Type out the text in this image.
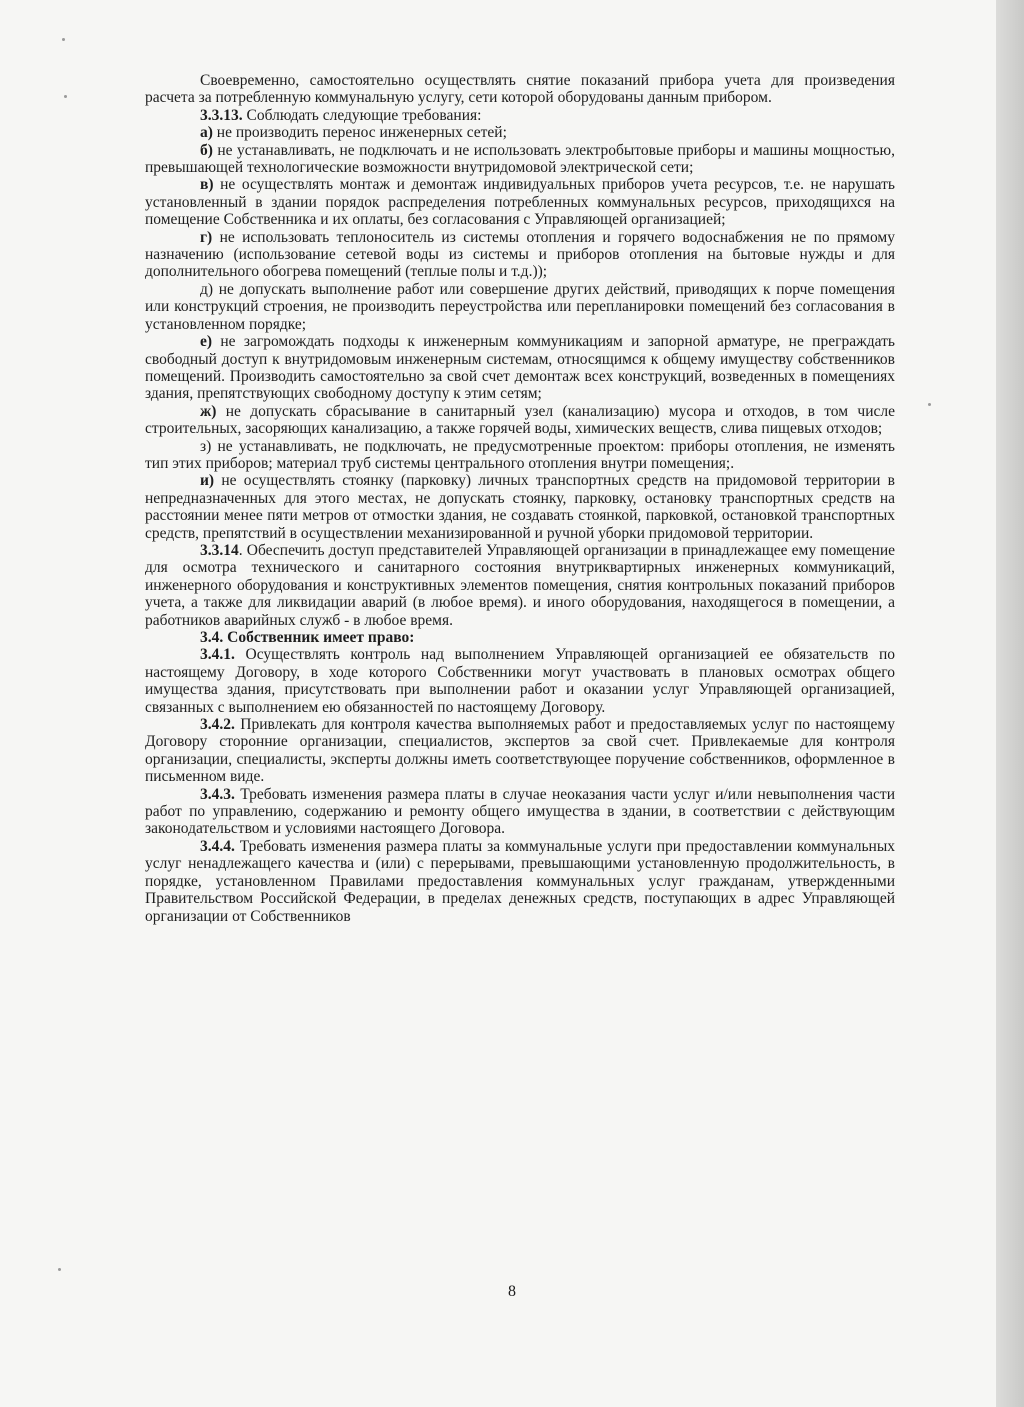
Своевременно, самостоятельно осуществлять снятие показаний прибора учета для произведения расчета за потребленную коммунальную услугу, сети которой оборудованы данным прибором.

3.3.13. Соблюдать следующие требования:

а) не производить перенос инженерных сетей;

б) не устанавливать, не подключать и не использовать электробытовые приборы и машины мощностью, превышающей технологические возможности внутридомовой электрической сети;

в) не осуществлять монтаж и демонтаж индивидуальных приборов учета ресурсов, т.е. не нарушать установленный в здании порядок распределения потребленных коммунальных ресурсов, приходящихся на помещение Собственника и их оплаты, без согласования с Управляющей организацией;

г) не использовать теплоноситель из системы отопления и горячего водоснабжения не по прямому назначению (использование сетевой воды из системы и приборов отопления на бытовые нужды и для дополнительного обогрева помещений (теплые полы и т.д.));

д) не допускать выполнение работ или совершение других действий, приводящих к порче помещения или конструкций строения, не производить переустройства или перепланировки помещений без согласования в установленном порядке;

е) не загромождать подходы к инженерным коммуникациям и запорной арматуре, не преграждать свободный доступ к внутридомовым инженерным системам, относящимся к общему имуществу собственников помещений. Производить самостоятельно за свой счет демонтаж всех конструкций, возведенных в помещениях здания, препятствующих свободному доступу к этим сетям;

ж) не допускать сбрасывание в санитарный узел (канализацию) мусора и отходов, в том числе строительных, засоряющих канализацию, а также горячей воды, химических веществ, слива пищевых отходов;

з) не устанавливать, не подключать, не предусмотренные проектом: приборы отопления, не изменять тип этих приборов; материал труб системы центрального отопления внутри помещения;.

и) не осуществлять стоянку (парковку) личных транспортных средств на придомовой территории в непредназначенных для этого местах, не допускать стоянку, парковку, остановку транспортных средств на расстоянии менее пяти метров от отмостки здания, не создавать стоянкой, парковкой, остановкой транспортных средств, препятствий в осуществлении механизированной и ручной уборки придомовой территории.

3.3.14. Обеспечить доступ представителей Управляющей организации в принадлежащее ему помещение для осмотра технического и санитарного состояния внутриквартирных инженерных коммуникаций, инженерного оборудования и конструктивных элементов помещения, снятия контрольных показаний приборов учета, а также для ликвидации аварий (в любое время). и иного оборудования, находящегося в помещении, а работников аварийных служб - в любое время.

3.4. Собственник имеет право:

3.4.1. Осуществлять контроль над выполнением Управляющей организацией ее обязательств по настоящему Договору, в ходе которого Собственники могут участвовать в плановых осмотрах общего имущества здания, присутствовать при выполнении работ и оказании услуг Управляющей организацией, связанных с выполнением ею обязанностей по настоящему Договору.

3.4.2. Привлекать для контроля качества выполняемых работ и предоставляемых услуг по настоящему Договору сторонние организации, специалистов, экспертов за свой счет. Привлекаемые для контроля организации, специалисты, эксперты должны иметь соответствующее поручение собственников, оформленное в письменном виде.

3.4.3. Требовать изменения размера платы в случае неоказания части услуг и/или невыполнения части работ по управлению, содержанию и ремонту общего имущества в здании, в соответствии с действующим законодательством и условиями настоящего Договора.

3.4.4. Требовать изменения размера платы за коммунальные услуги при предоставлении коммунальных услуг ненадлежащего качества и (или) с перерывами, превышающими установленную продолжительность, в порядке, установленном Правилами предоставления коммунальных услуг гражданам, утвержденными Правительством Российской Федерации, в пределах денежных средств, поступающих в адрес Управляющей организации от Собственников

8
